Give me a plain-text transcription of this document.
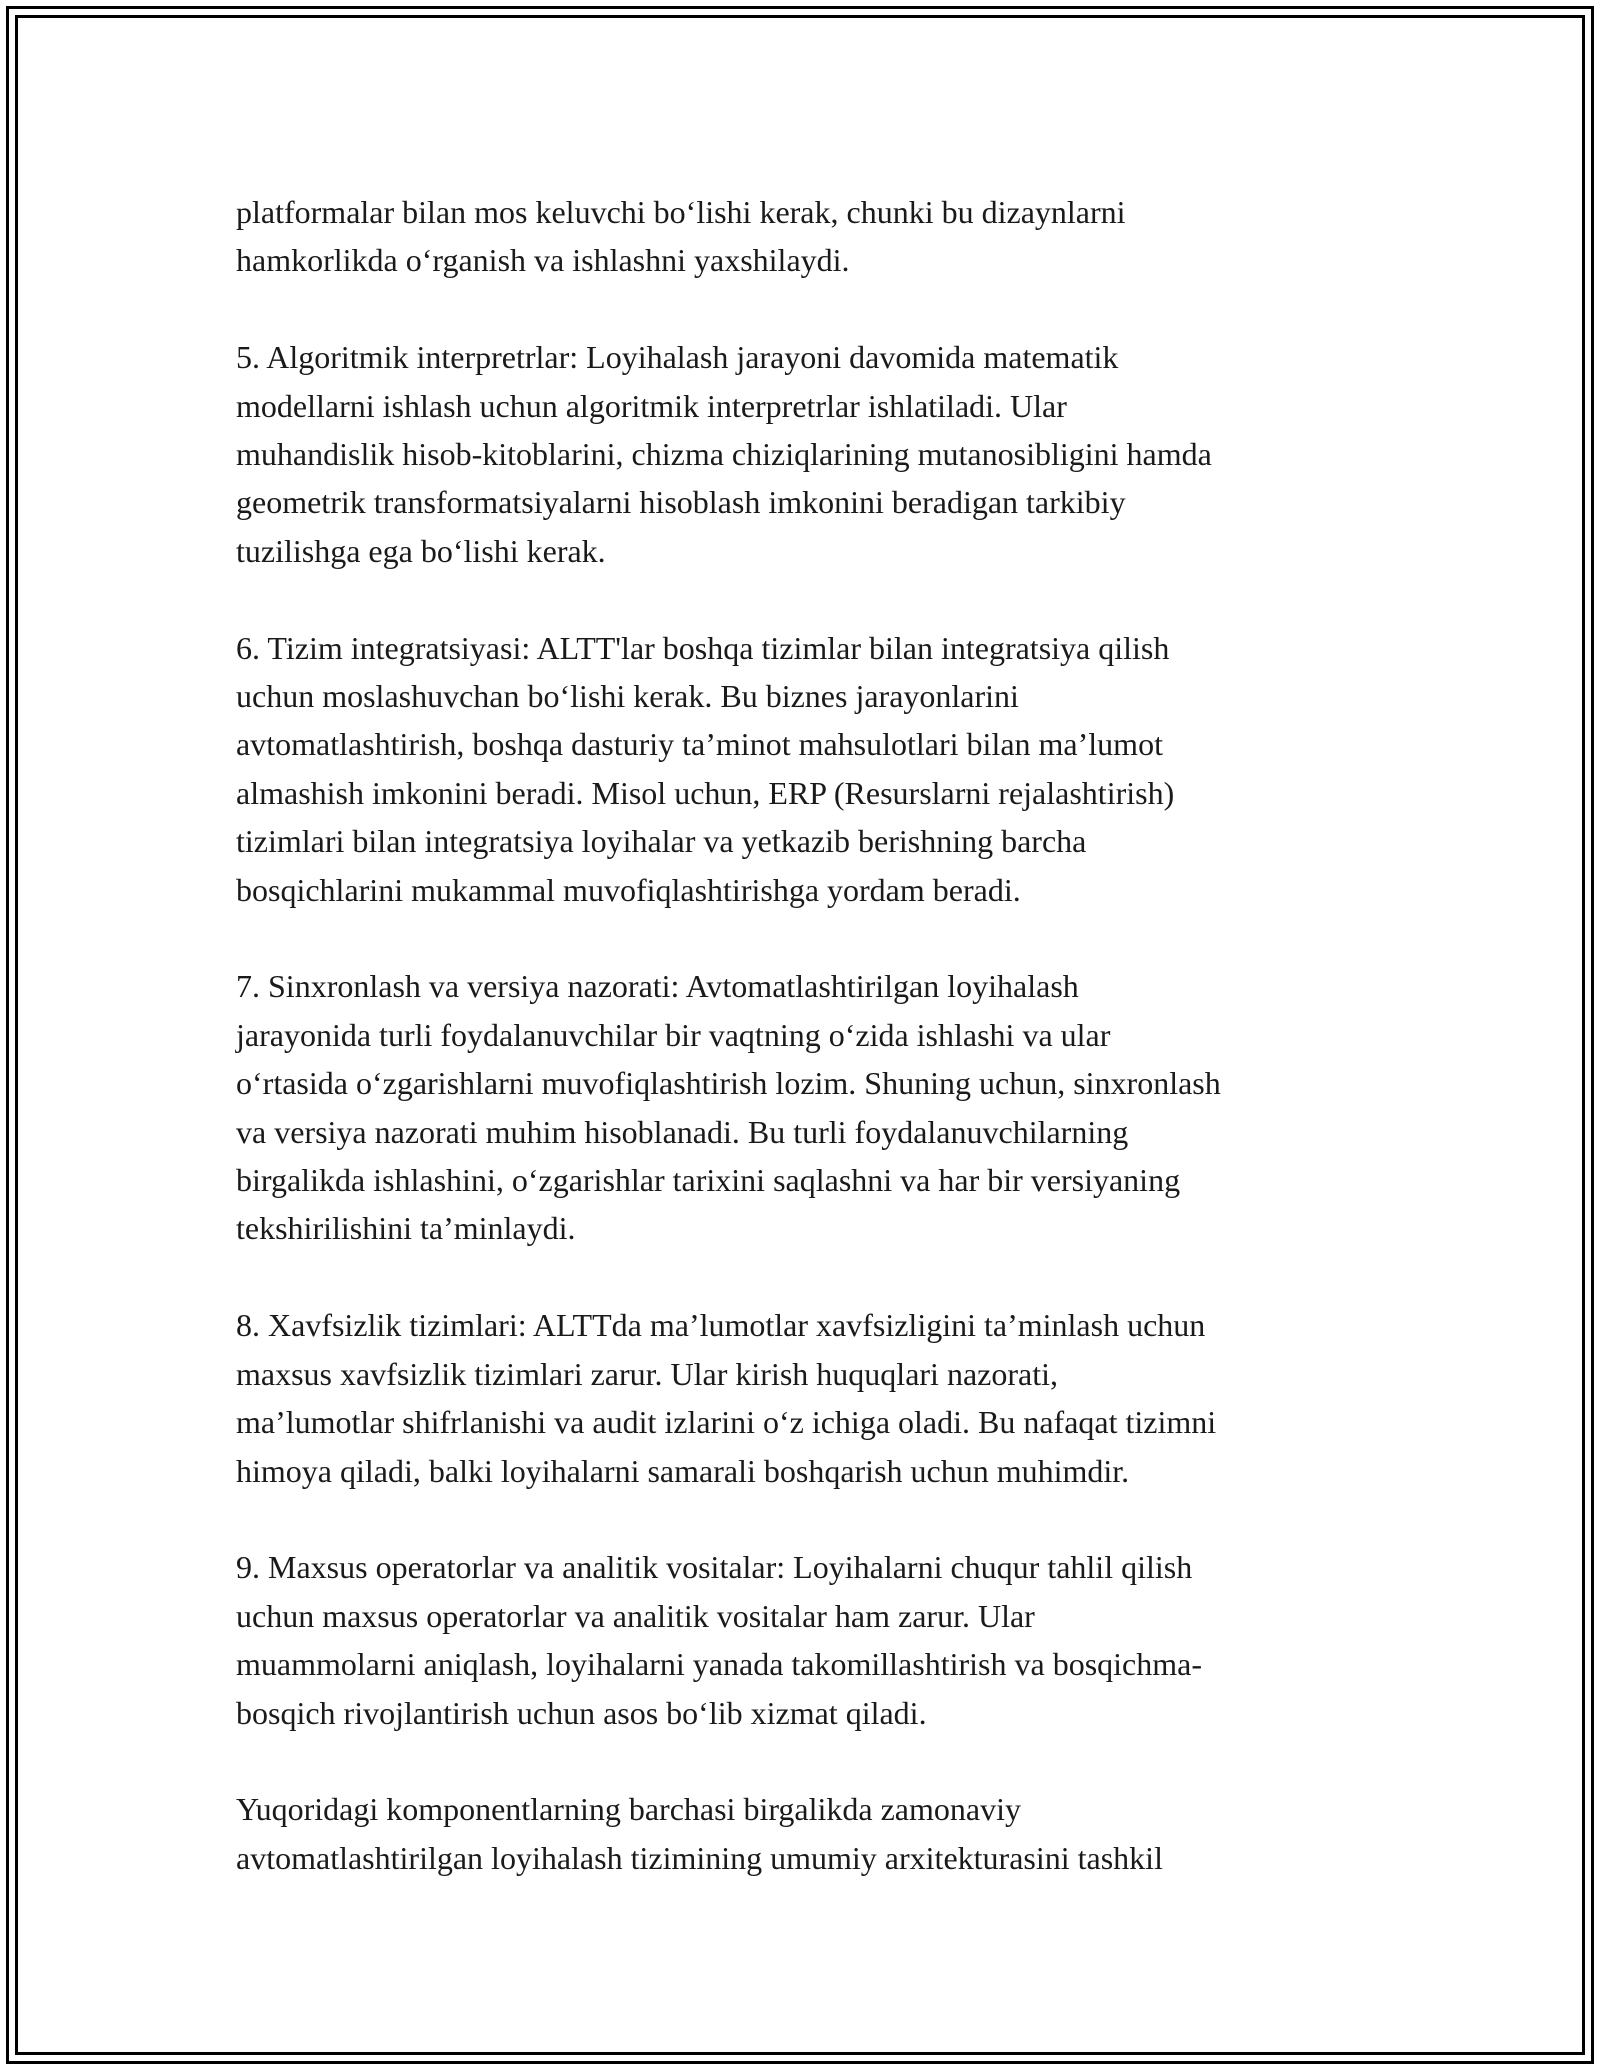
platformalar bilan mos keluvchi bo‘lishi kerak, chunki bu dizaynlarni
hamkorlikda o‘rganish va ishlashni yaxshilaydi.
5. Algoritmik interpretrlar: Loyihalash jarayoni davomida matematik
modellarni ishlash uchun algoritmik interpretrlar ishlatiladi. Ular
muhandislik hisob-kitoblarini, chizma chiziqlarining mutanosibligini hamda
geometrik transformatsiyalarni hisoblash imkonini beradigan tarkibiy
tuzilishga ega bo‘lishi kerak.
6. Tizim integratsiyasi: ALTT'lar boshqa tizimlar bilan integratsiya qilish
uchun moslashuvchan bo‘lishi kerak. Bu biznes jarayonlarini
avtomatlashtirish, boshqa dasturiy ta’minot mahsulotlari bilan ma’lumot
almashish imkonini beradi. Misol uchun, ERP (Resurslarni rejalashtirish)
tizimlari bilan integratsiya loyihalar va yetkazib berishning barcha
bosqichlarini mukammal muvofiqlashtirishga yordam beradi.
7. Sinxronlash va versiya nazorati: Avtomatlashtirilgan loyihalash
jarayonida turli foydalanuvchilar bir vaqtning o‘zida ishlashi va ular
o‘rtasida o‘zgarishlarni muvofiqlashtirish lozim. Shuning uchun, sinxronlash
va versiya nazorati muhim hisoblanadi. Bu turli foydalanuvchilarning
birgalikda ishlashini, o‘zgarishlar tarixini saqlashni va har bir versiyaning
tekshirilishini ta’minlaydi.
8. Xavfsizlik tizimlari: ALTTda ma’lumotlar xavfsizligini ta’minlash uchun
maxsus xavfsizlik tizimlari zarur. Ular kirish huquqlari nazorati,
ma’lumotlar shifrlanishi va audit izlarini o‘z ichiga oladi. Bu nafaqat tizimni
himoya qiladi, balki loyihalarni samarali boshqarish uchun muhimdir.
9. Maxsus operatorlar va analitik vositalar: Loyihalarni chuqur tahlil qilish
uchun maxsus operatorlar va analitik vositalar ham zarur. Ular
muammolarni aniqlash, loyihalarni yanada takomillashtirish va bosqichma-
bosqich rivojlantirish uchun asos bo‘lib xizmat qiladi.
Yuqoridagi komponentlarning barchasi birgalikda zamonaviy
avtomatlashtirilgan loyihalash tizimining umumiy arxitekturasini tashkil
